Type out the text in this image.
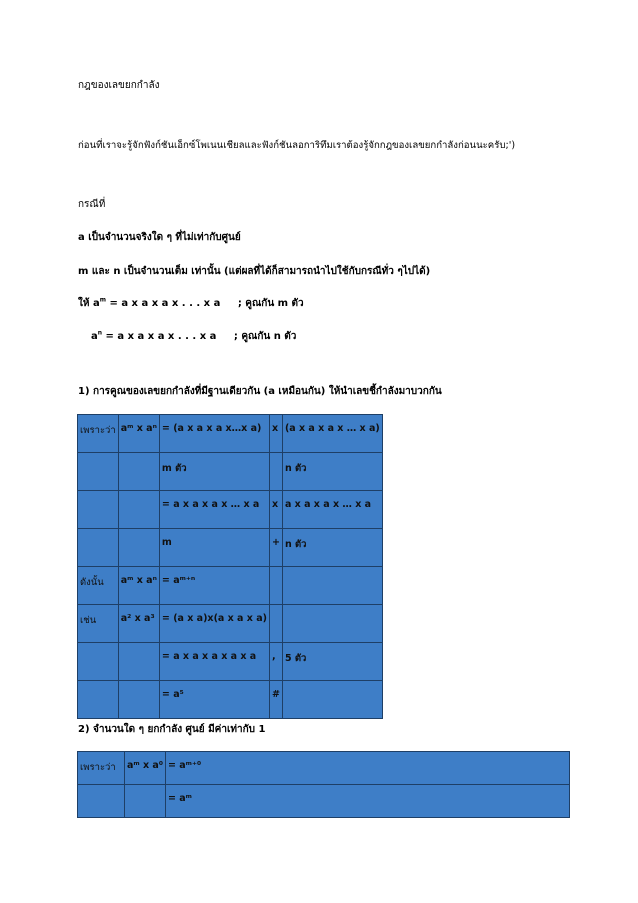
กฎของเลขยกกำลัง
ก่อนที่เราจะรู้จักฟังก์ชันเอ็กซ์โพเนนเชียลและฟังก์ชันลอการิทึมเราต้องรู้จักกฎของเลขยกกำลังก่อนนะครับ;')
กรณีที่
a เป็นจำนวนจริงใด ๆ ที่ไม่เท่ากับศูนย์
m และ n เป็นจำนวนเต็ม เท่านั้น (แต่ผลที่ได้ก็สามารถนำไปใช้กับกรณีทั่ว ๆไปได้)
ให้ $a^m = a$ x a x a x . . . x a ; คูณกัน m ตัว
$a^n = a$ x a x a x . . . x a ; คูณกัน n ตัว
1) การคูณของเลขยกกำลังที่มีฐานเดียวกัน (a เหมือนกัน) ให้นำเลขชี้กำลังมาบวกกัน
เพราะว่า	aᵐ x aⁿ	= (a x a x a x…x a)	x	(a x a x a x … x a)
		m ตัว		n ตัว
		= a x a x a x … x a	x	a x a x a x … x a
		m	+	n ตัว
ดังนั้น	aᵐ x aⁿ	= aᵐ⁺ⁿ		
เช่น	a² x a³	= (a x a)x(a x a x a)		
		= a x a x a x a x a	,	5 ตัว
		= a⁵	#	
2) จำนวนใด ๆ ยกกำลัง ศูนย์ มีค่าเท่ากับ 1
เพราะว่า	aᵐ x a⁰	= aᵐ⁺⁰
		= aᵐ
